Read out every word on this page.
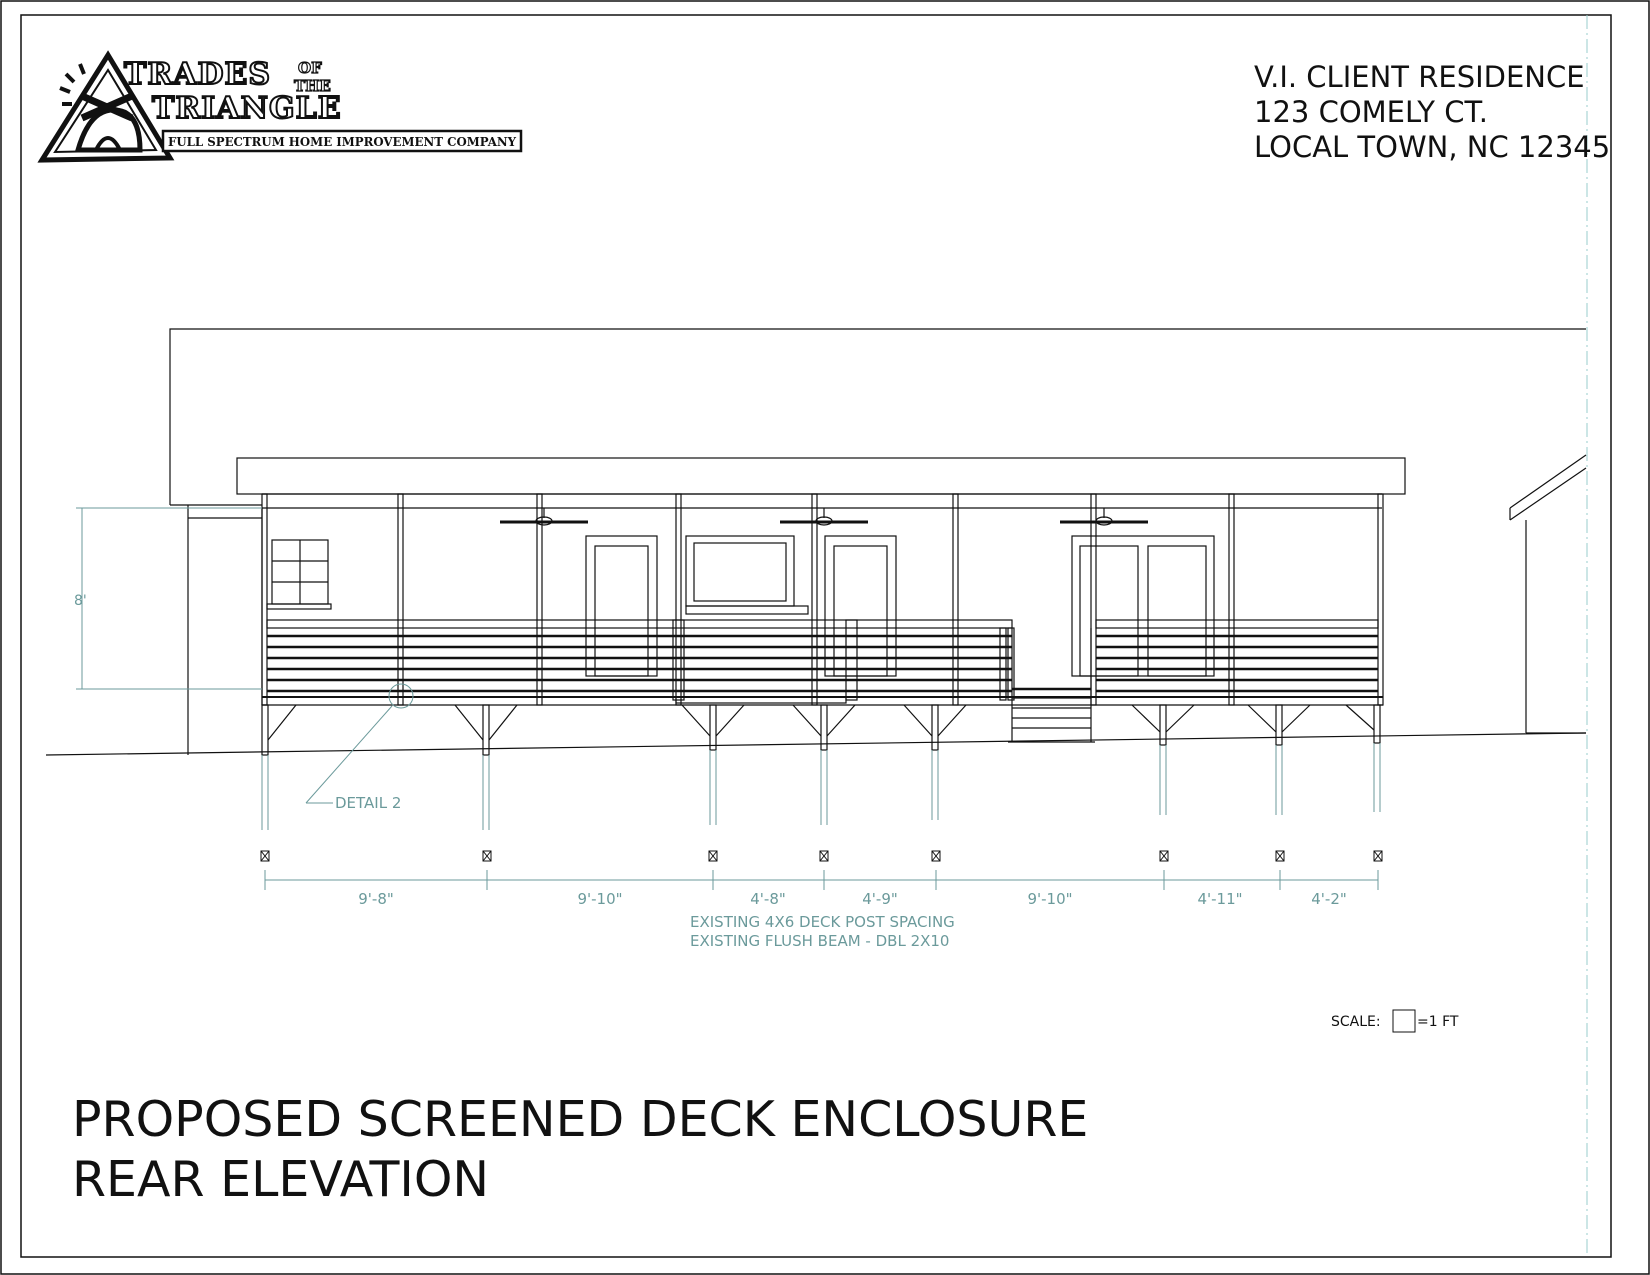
TRADES OF
THE
TRIANGLE
FULL SPECTRUM HOME IMPROVEMENT COMPANY
V.I. CLIENT RESIDENCE
123 COMELY CT.
LOCAL TOWN, NC 12345
8'
DETAIL 2
9'-8"	9'-10"	4'-8"	4'-9"	9'-10"	4'-11"	4'-2"
EXISTING 4X6 DECK POST SPACING
EXISTING FLUSH BEAM - DBL 2X10
SCALE:	=1 FT
PROPOSED SCREENED DECK ENCLOSURE
REAR ELEVATION
